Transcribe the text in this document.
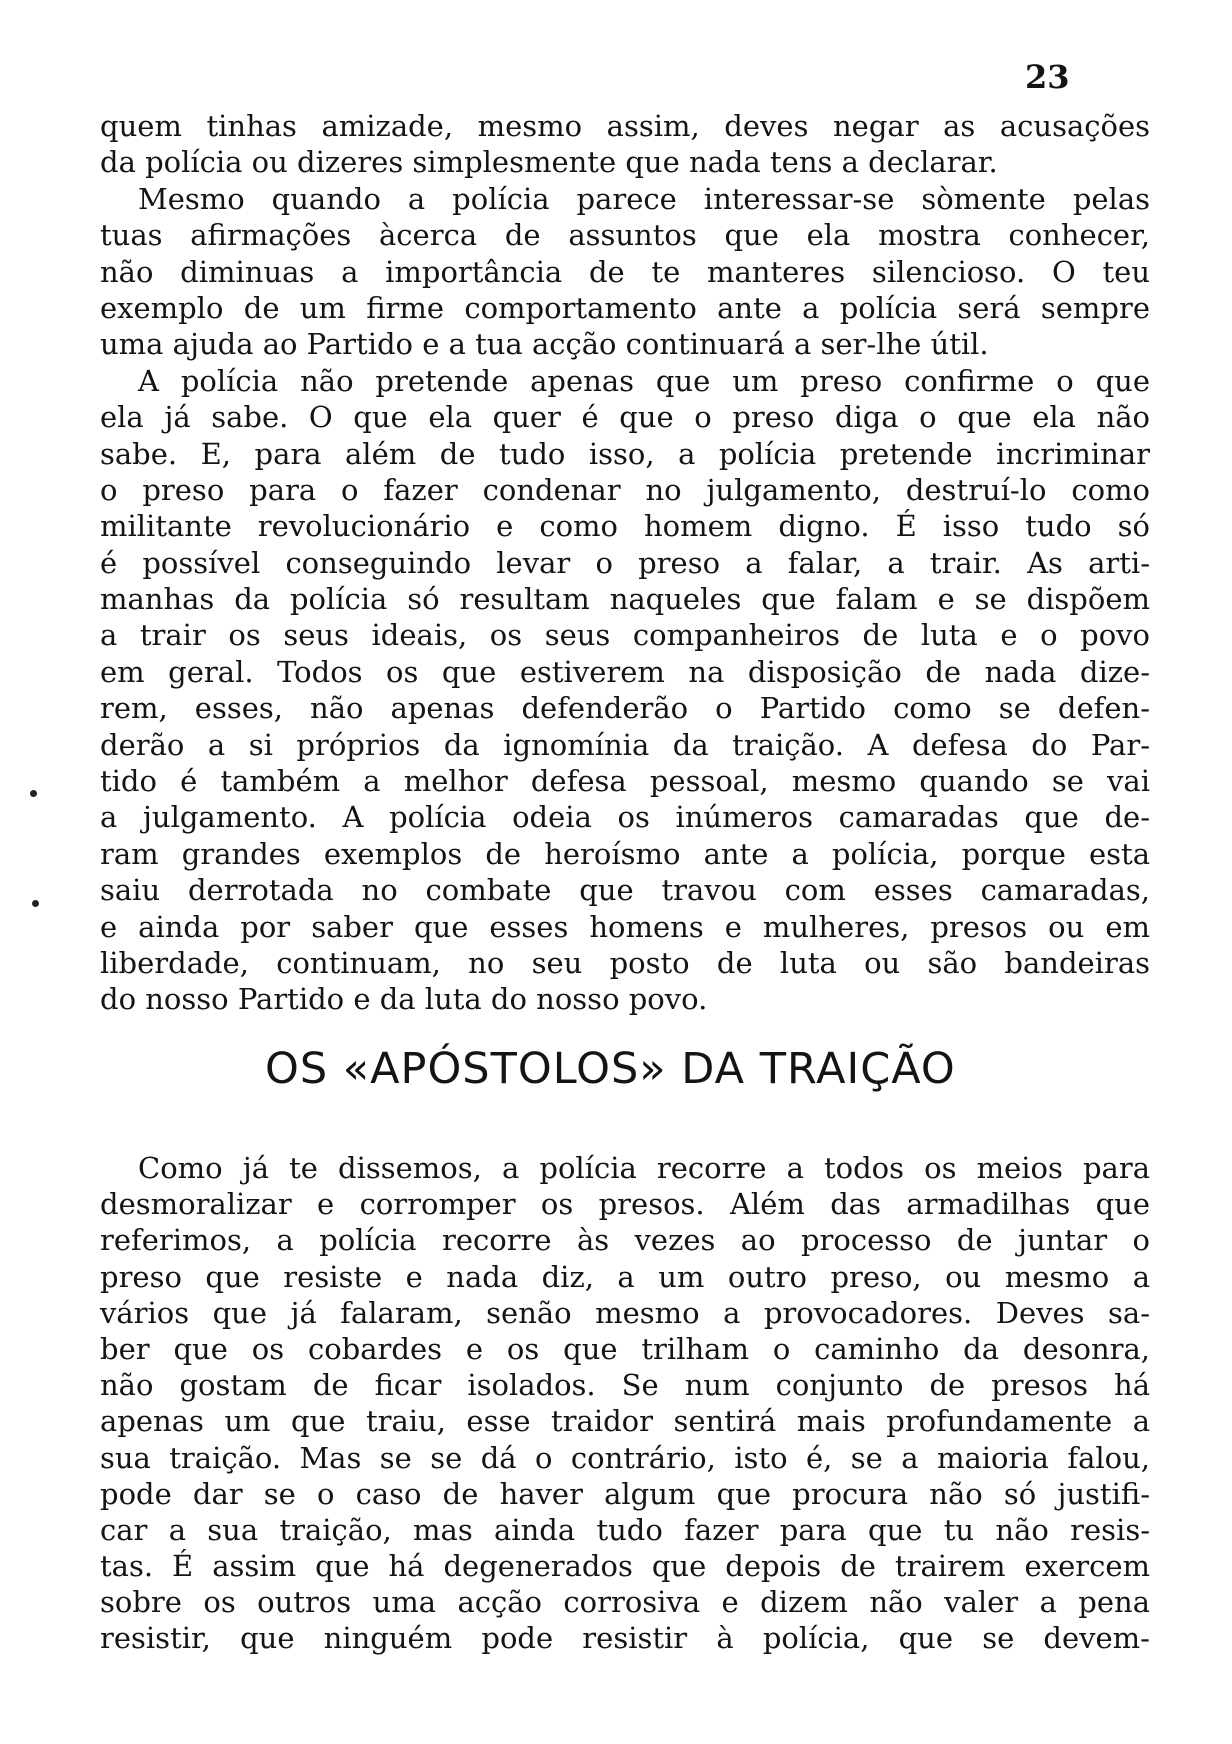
23
quem tinhas amizade, mesmo assim, deves negar as acusações
da polícia ou dizeres simplesmente que nada tens a declarar.
Mesmo quando a polícia parece interessar-se sòmente pelas
tuas afirmações àcerca de assuntos que ela mostra conhecer,
não diminuas a importância de te manteres silencioso. O teu
exemplo de um firme comportamento ante a polícia será sempre
uma ajuda ao Partido e a tua acção continuará a ser-lhe útil.
A polícia não pretende apenas que um preso confirme o que
ela já sabe. O que ela quer é que o preso diga o que ela não
sabe. E, para além de tudo isso, a polícia pretende incriminar
o preso para o fazer condenar no julgamento, destruí-lo como
militante revolucionário e como homem digno. É isso tudo só
é possível conseguindo levar o preso a falar, a trair. As arti-
manhas da polícia só resultam naqueles que falam e se dispõem
a trair os seus ideais, os seus companheiros de luta e o povo
em geral. Todos os que estiverem na disposição de nada dize-
rem, esses, não apenas defenderão o Partido como se defen-
derão a si próprios da ignomínia da traição. A defesa do Par-
tido é também a melhor defesa pessoal, mesmo quando se vai
a julgamento. A polícia odeia os inúmeros camaradas que de-
ram grandes exemplos de heroísmo ante a polícia, porque esta
saiu derrotada no combate que travou com esses camaradas,
e ainda por saber que esses homens e mulheres, presos ou em
liberdade, continuam, no seu posto de luta ou são bandeiras
do nosso Partido e da luta do nosso povo.
OS «APÓSTOLOS» DA TRAIÇÃO
Como já te dissemos, a polícia recorre a todos os meios para
desmoralizar e corromper os presos. Além das armadilhas que
referimos, a polícia recorre às vezes ao processo de juntar o
preso que resiste e nada diz, a um outro preso, ou mesmo a
vários que já falaram, senão mesmo a provocadores. Deves sa-
ber que os cobardes e os que trilham o caminho da desonra,
não gostam de ficar isolados. Se num conjunto de presos há
apenas um que traiu, esse traidor sentirá mais profundamente a
sua traição. Mas se se dá o contrário, isto é, se a maioria falou,
pode dar se o caso de haver algum que procura não só justifi-
car a sua traição, mas ainda tudo fazer para que tu não resis-
tas. É assim que há degenerados que depois de trairem exercem
sobre os outros uma acção corrosiva e dizem não valer a pena
resistir, que ninguém pode resistir à polícia, que se devem-
